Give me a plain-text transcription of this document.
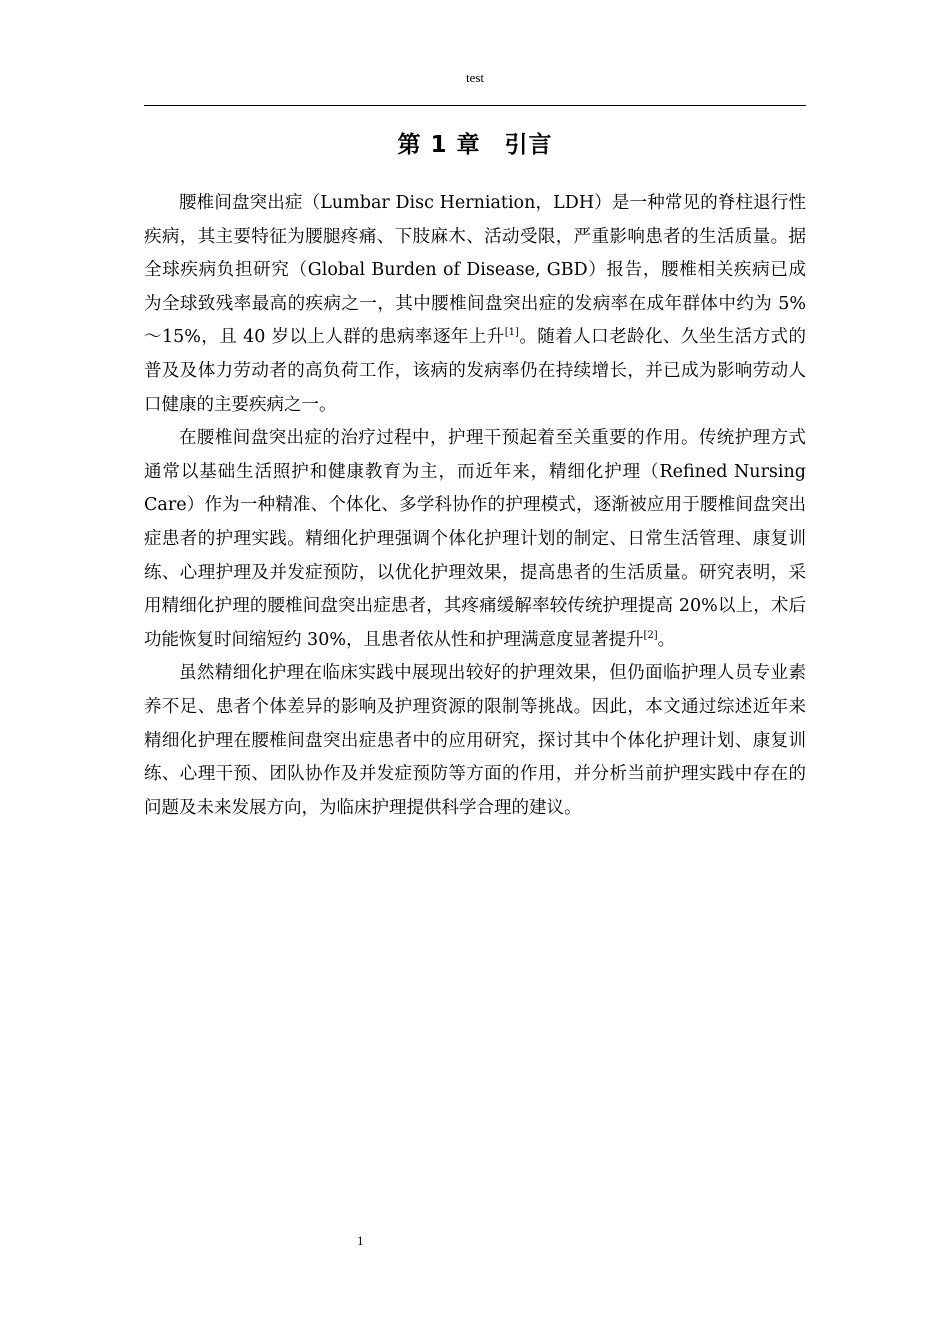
test
第 1 章　引言

腰椎间盘突出症（Lumbar Disc Herniation，LDH）是一种常见的脊柱退行性疾病，其主要特征为腰腿疼痛、下肢麻木、活动受限，严重影响患者的生活质量。据全球疾病负担研究（Global Burden of Disease, GBD）报告，腰椎相关疾病已成为全球致残率最高的疾病之一，其中腰椎间盘突出症的发病率在成年群体中约为 5%～15%，且 40 岁以上人群的患病率逐年上升[1]。随着人口老龄化、久坐生活方式的普及及体力劳动者的高负荷工作，该病的发病率仍在持续增长，并已成为影响劳动人口健康的主要疾病之一。

在腰椎间盘突出症的治疗过程中，护理干预起着至关重要的作用。传统护理方式通常以基础生活照护和健康教育为主，而近年来，精细化护理（Refined Nursing Care）作为一种精准、个体化、多学科协作的护理模式，逐渐被应用于腰椎间盘突出症患者的护理实践。精细化护理强调个体化护理计划的制定、日常生活管理、康复训练、心理护理及并发症预防，以优化护理效果，提高患者的生活质量。研究表明，采用精细化护理的腰椎间盘突出症患者，其疼痛缓解率较传统护理提高 20%以上，术后功能恢复时间缩短约 30%，且患者依从性和护理满意度显著提升[2]。

虽然精细化护理在临床实践中展现出较好的护理效果，但仍面临护理人员专业素养不足、患者个体差异的影响及护理资源的限制等挑战。因此，本文通过综述近年来精细化护理在腰椎间盘突出症患者中的应用研究，探讨其中个体化护理计划、康复训练、心理干预、团队协作及并发症预防等方面的作用，并分析当前护理实践中存在的问题及未来发展方向，为临床护理提供科学合理的建议。

1
